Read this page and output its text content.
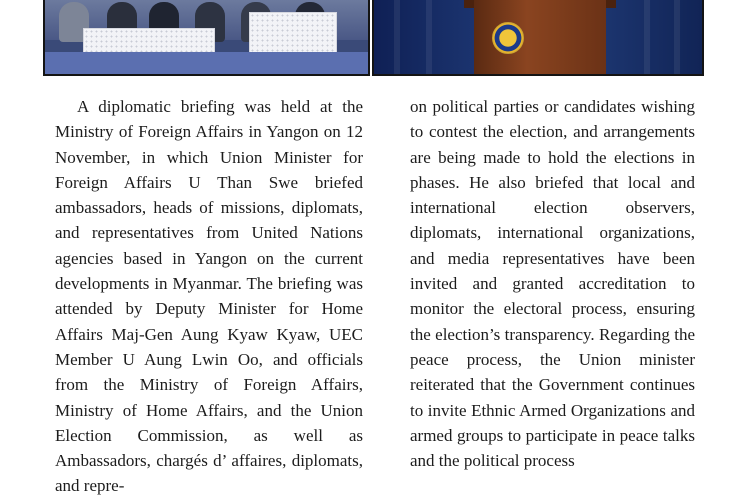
A diplomatic briefing was held at the Ministry of Foreign Affairs in Yangon on 12 November, in which Union Minister for Foreign Affairs U Than Swe briefed ambassadors, heads of missions, diplomats, and representatives from United Nations agencies based in Yangon on the current developments in Myanmar. The briefing was attended by Deputy Minister for Home Affairs Maj-Gen Aung Kyaw Kyaw, UEC Member U Aung Lwin Oo, and officials from the Ministry of Foreign Affairs, Ministry of Home Affairs, and the Union Election Commission, as well as Ambassadors, chargés d’ affaires, diplomats, and repre-

on political parties or candidates wishing to contest the election, and arrangements are being made to hold the elections in phases. He also briefed that local and international election observers, diplomats, international organizations, and media representatives have been invited and granted accreditation to monitor the electoral process, ensuring the election’s transparency. Regarding the peace process, the Union minister reiterated that the Government continues to invite Ethnic Armed Organizations and armed groups to participate in peace talks and the political process
